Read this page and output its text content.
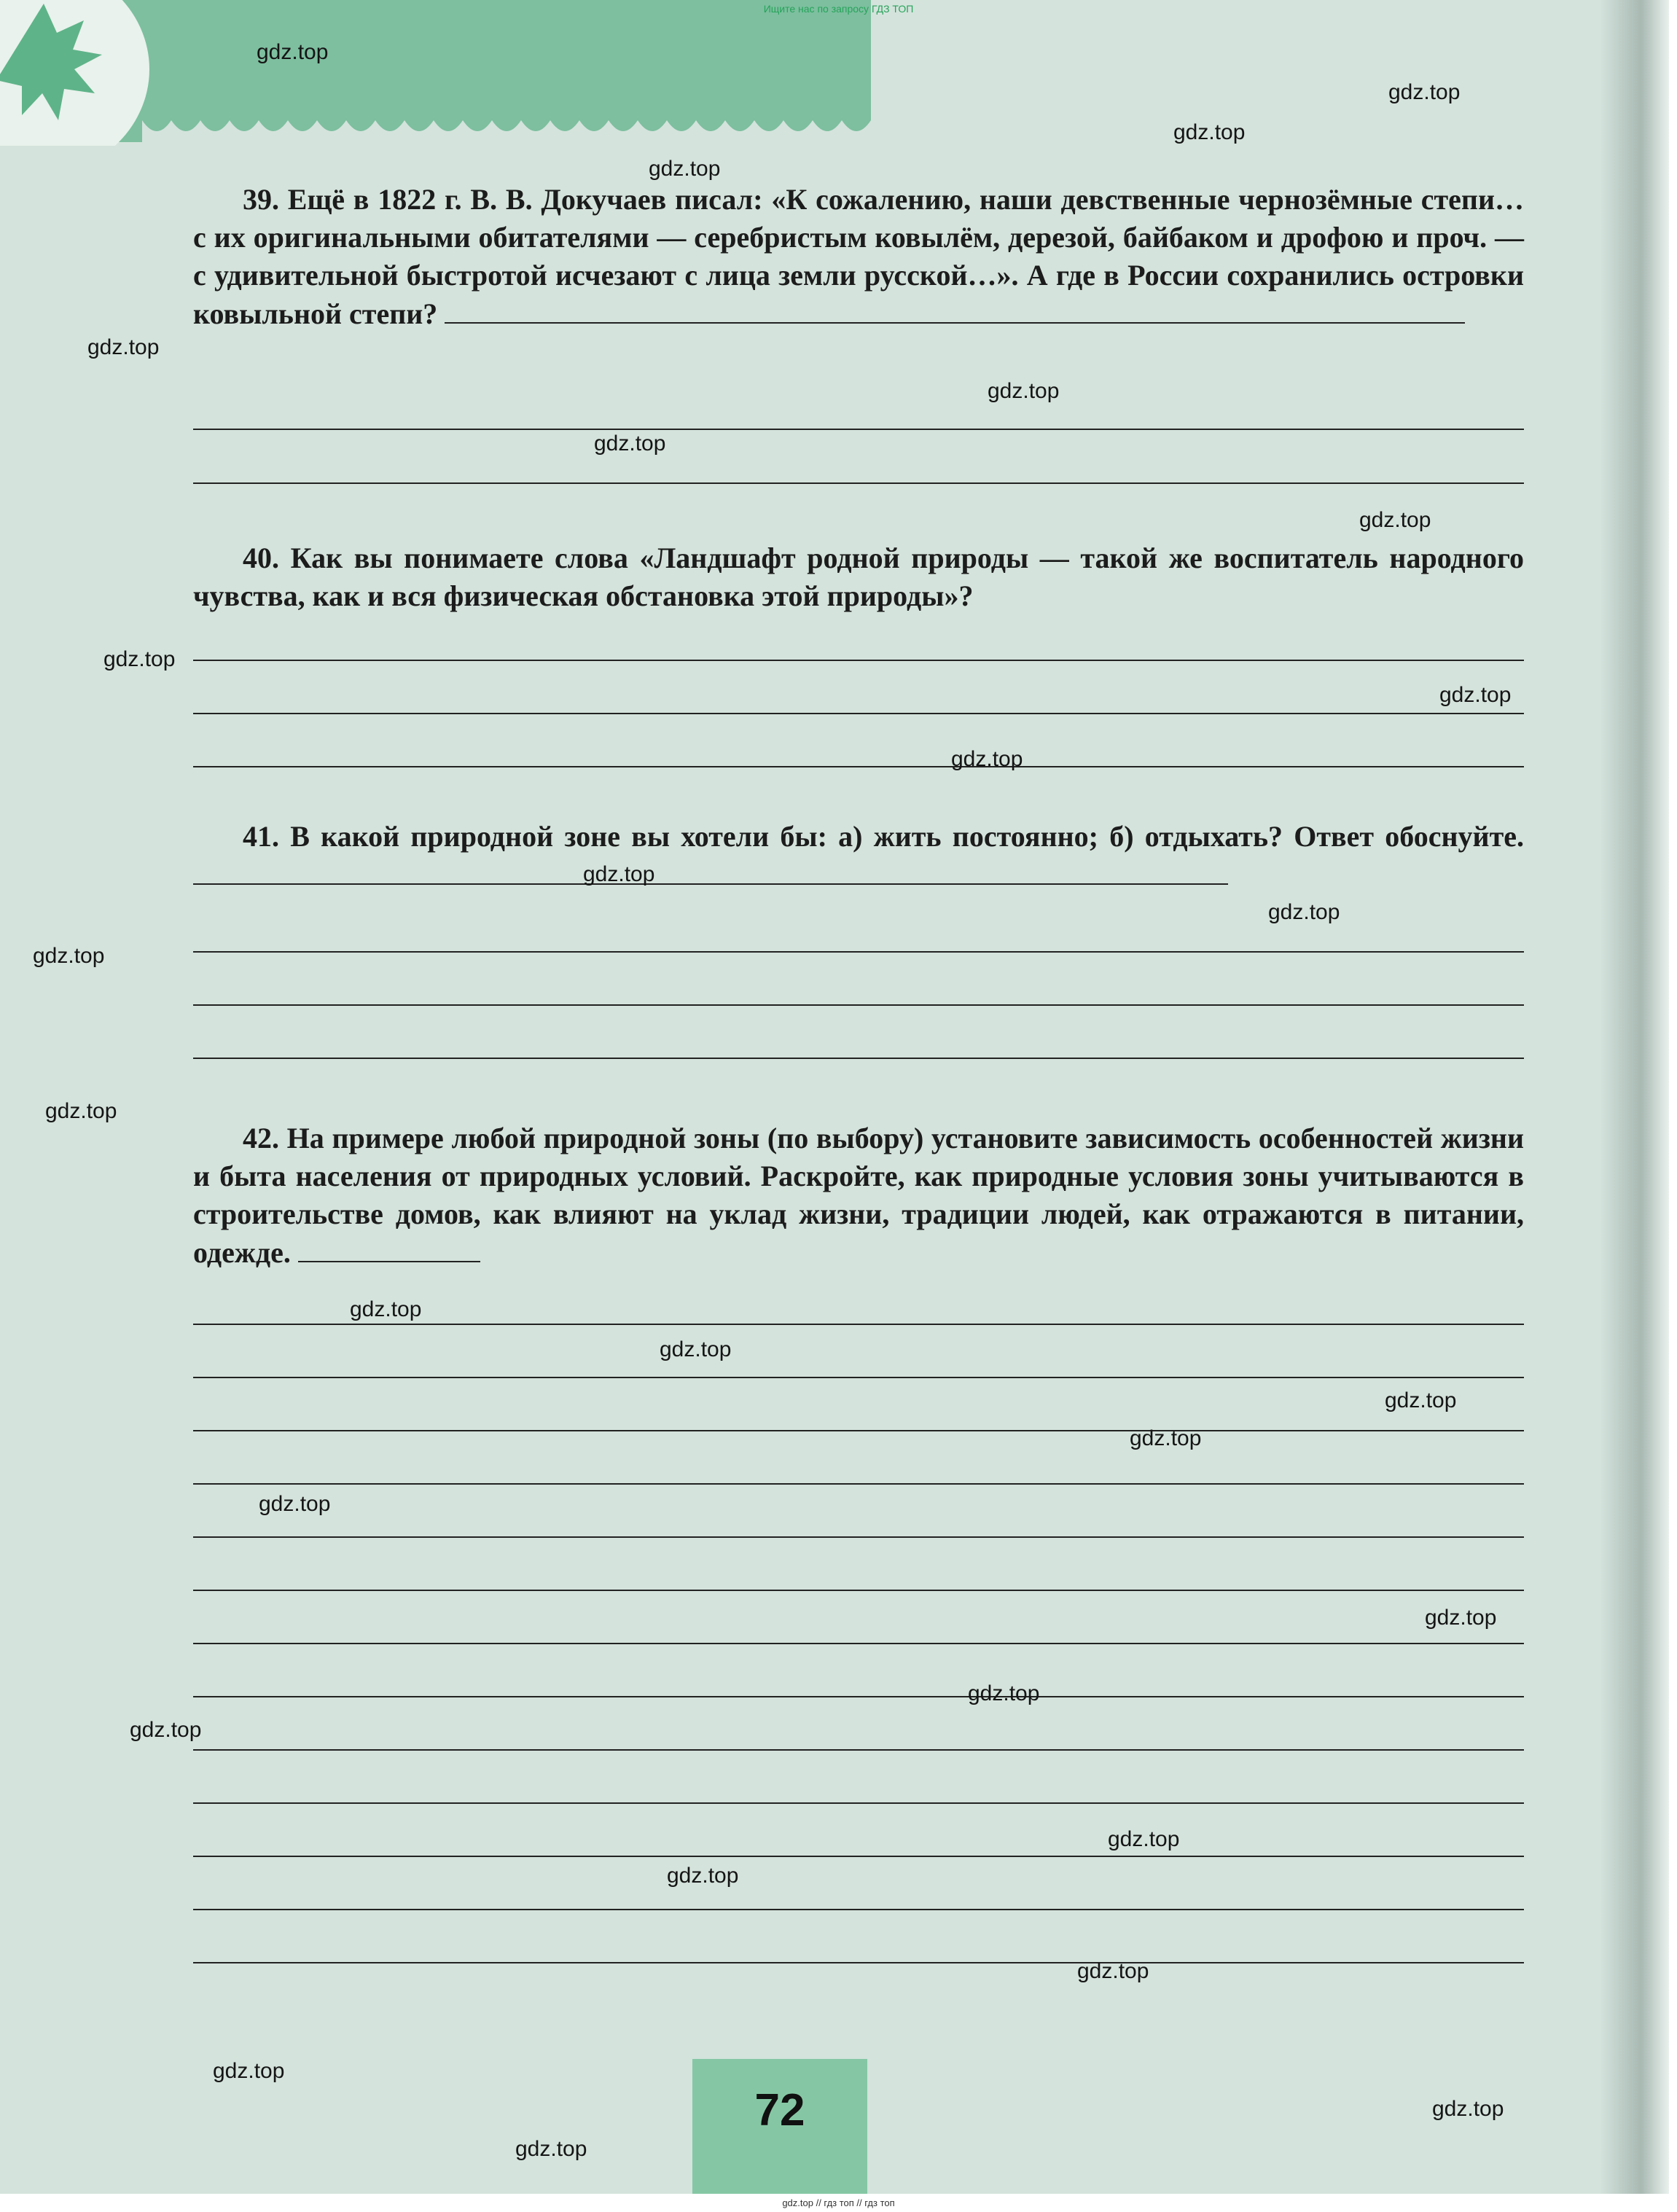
39. Ещё в 1822 г. В. В. Докучаев писал: «К сожалению, наши девственные чернозёмные степи… с их оригинальными обитателями — серебристым ковылём, дерезой, байбаком и дрофою и проч. — с удивительной быстротой исчезают с лица земли русской…». А где в России сохранились островки ковыльной степи?
40. Как вы понимаете слова «Ландшафт родной природы — такой же воспитатель народного чувства, как и вся физическая обстановка этой природы»?
41. В какой природной зоне вы хотели бы: а) жить постоянно; б) отдыхать? Ответ обоснуйте.
42. На примере любой природной зоны (по выбору) установите зависимость особенностей жизни и быта населения от природных условий. Раскройте, как природные условия зоны учитываются в строительстве домов, как влияют на уклад жизни, традиции людей, как отражаются в питании, одежде.
72
gdz.top
gdz.top
gdz.top
gdz.top
gdz.top
gdz.top
gdz.top
gdz.top
gdz.top
gdz.top
gdz.top
gdz.top
gdz.top
gdz.top
gdz.top
gdz.top
gdz.top
gdz.top
gdz.top
gdz.top
gdz.top
gdz.top
gdz.top
gdz.top
gdz.top
gdz.top
gdz.top
gdz.top
gdz.top
Ищите нас по запросу ГДЗ ТОП
gdz.top // гдз топ // гдз топ
